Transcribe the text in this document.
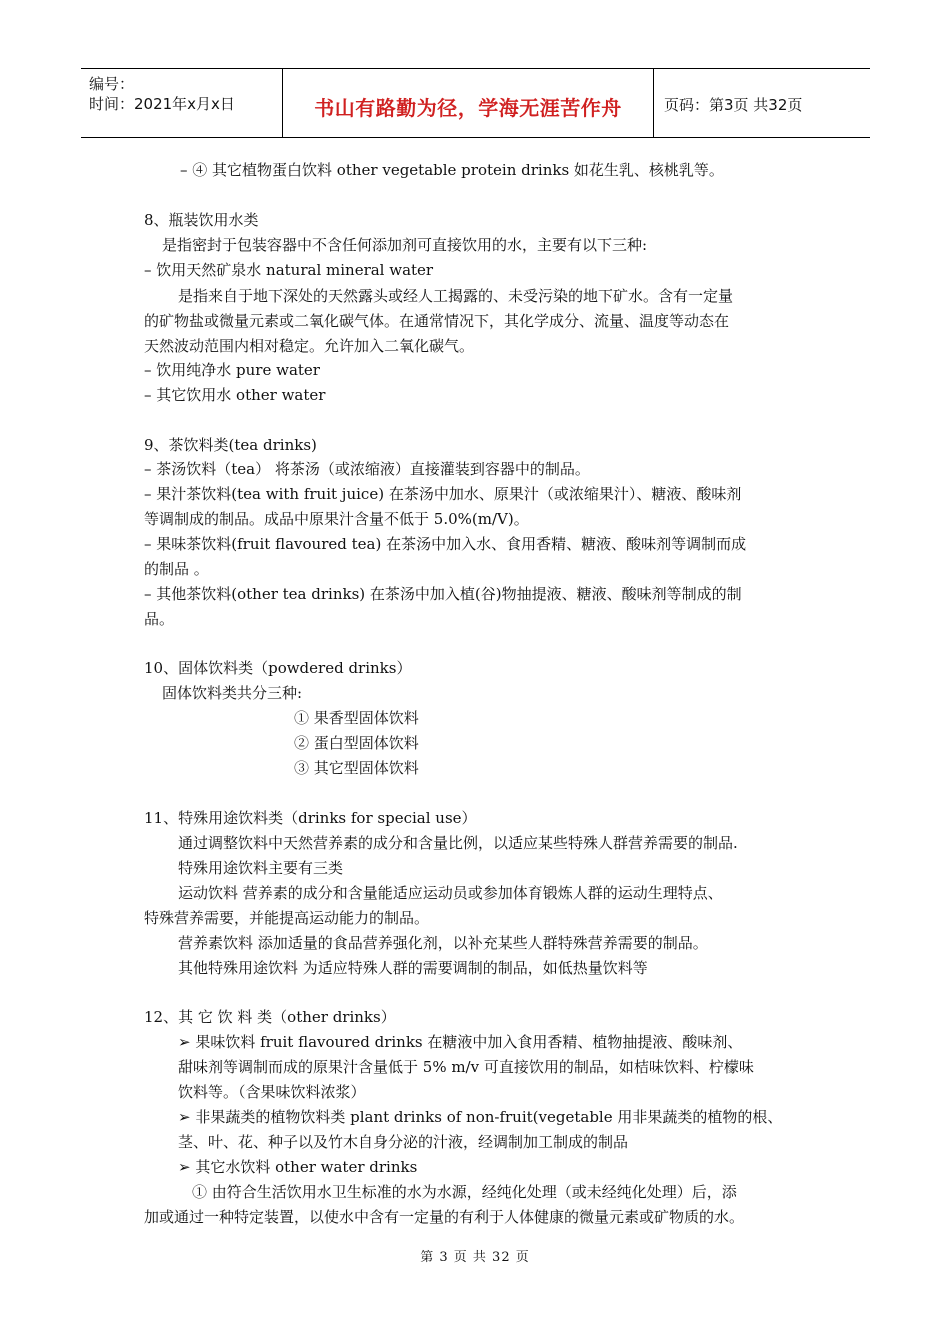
编号：
时间：2021年x月x日	书山有路勤为径，学海无涯苦作舟	页码：第3页 共32页
– ④ 其它植物蛋白饮料 other vegetable protein drinks 如花生乳、核桃乳等。
8、瓶装饮用水类
是指密封于包装容器中不含任何添加剂可直接饮用的水，主要有以下三种:
– 饮用天然矿泉水 natural mineral water
是指来自于地下深处的天然露头或经人工揭露的、未受污染的地下矿水。含有一定量
的矿物盐或微量元素或二氧化碳气体。在通常情况下，其化学成分、流量、温度等动态在
天然波动范围内相对稳定。允许加入二氧化碳气。
– 饮用纯净水 pure water
– 其它饮用水 other water
9、茶饮料类(tea drinks)
– 茶汤饮料（tea） 将茶汤（或浓缩液）直接灌装到容器中的制品。
– 果汁茶饮料(tea with fruit juice) 在茶汤中加水、原果汁（或浓缩果汁）、糖液、酸味剂
等调制成的制品。成品中原果汁含量不低于 5.0%(m/V)。
– 果味茶饮料(fruit flavoured tea) 在茶汤中加入水、食用香精、糖液、酸味剂等调制而成
的制品 。
– 其他茶饮料(other tea drinks) 在茶汤中加入植(谷)物抽提液、糖液、酸味剂等制成的制
品。
10、固体饮料类（powdered drinks）
固体饮料类共分三种:
① 果香型固体饮料
② 蛋白型固体饮料
③ 其它型固体饮料
11、特殊用途饮料类（drinks for special use）
通过调整饮料中天然营养素的成分和含量比例，以适应某些特殊人群营养需要的制品.
特殊用途饮料主要有三类
运动饮料 营养素的成分和含量能适应运动员或参加体育锻炼人群的运动生理特点、
特殊营养需要，并能提高运动能力的制品。
营养素饮料 添加适量的食品营养强化剂，以补充某些人群特殊营养需要的制品。
其他特殊用途饮料 为适应特殊人群的需要调制的制品，如低热量饮料等
12、其 它 饮 料 类（other drinks）
➢ 果味饮料 fruit flavoured drinks 在糖液中加入食用香精、植物抽提液、酸味剂、
甜味剂等调制而成的原果汁含量低于 5% m/v 可直接饮用的制品，如桔味饮料、柠檬味
饮料等。（含果味饮料浓浆）
➢ 非果蔬类的植物饮料类 plant drinks of non-fruit(vegetable 用非果蔬类的植物的根、
茎、叶、花、种子以及竹木自身分泌的汁液，经调制加工制成的制品
➢ 其它水饮料 other water drinks
① 由符合生活饮用水卫生标准的水为水源，经纯化处理（或未经纯化处理）后，添
加或通过一种特定装置，以使水中含有一定量的有利于人体健康的微量元素或矿物质的水。
第 3 页 共 32 页
